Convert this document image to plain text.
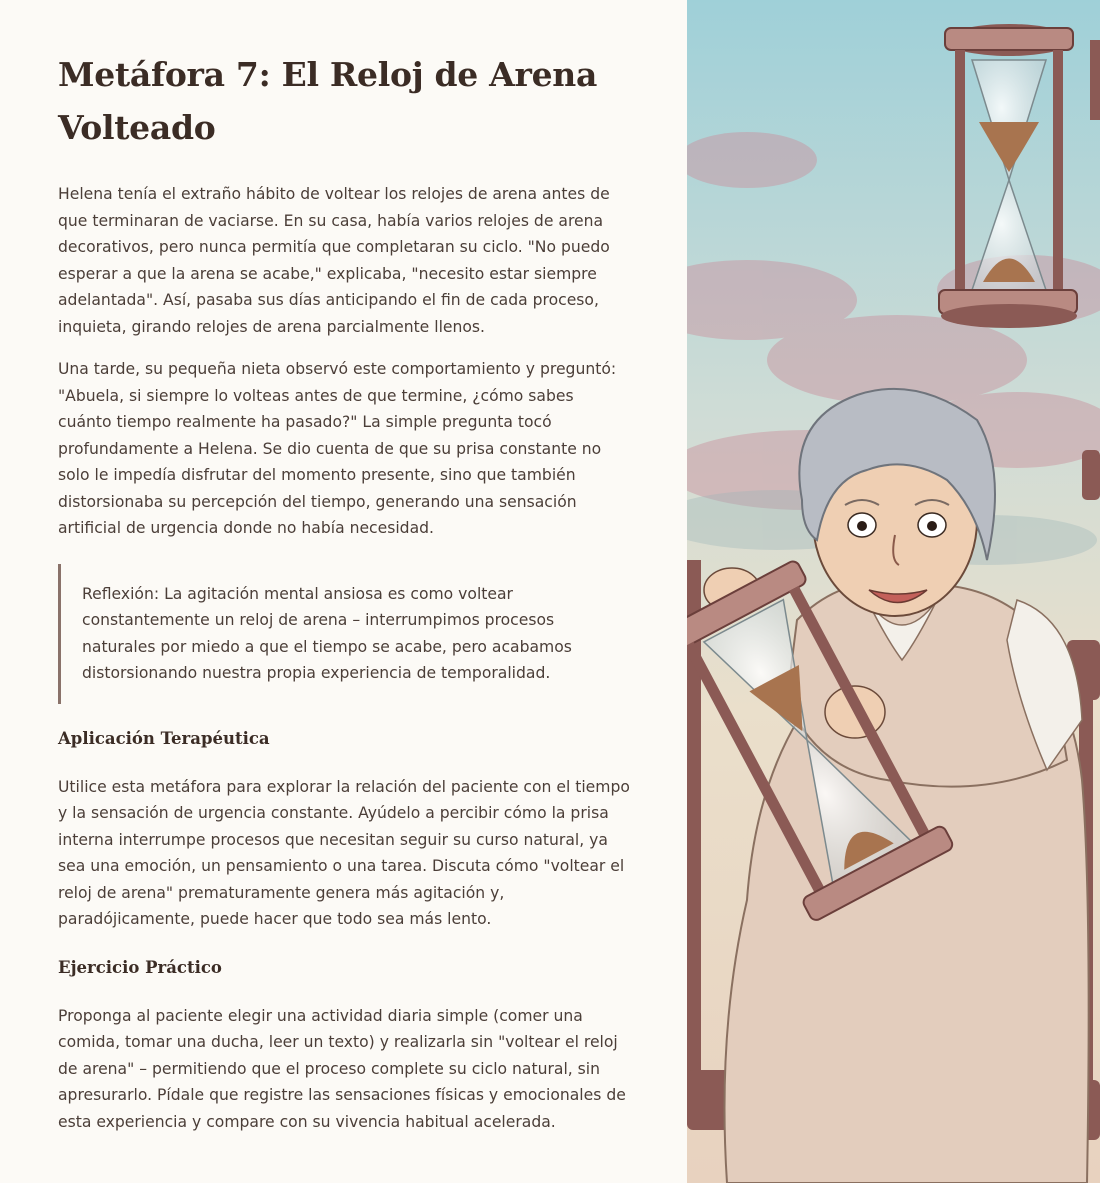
Metáfora 7: El Reloj de Arena Volteado

Helena tenía el extraño hábito de voltear los relojes de arena antes de que terminaran de vaciarse. En su casa, había varios relojes de arena decorativos, pero nunca permitía que completaran su ciclo. "No puedo esperar a que la arena se acabe," explicaba, "necesito estar siempre adelantada". Así, pasaba sus días anticipando el fin de cada proceso, inquieta, girando relojes de arena parcialmente llenos.

Una tarde, su pequeña nieta observó este comportamiento y preguntó: "Abuela, si siempre lo volteas antes de que termine, ¿cómo sabes cuánto tiempo realmente ha pasado?" La simple pregunta tocó profundamente a Helena. Se dio cuenta de que su prisa constante no solo le impedía disfrutar del momento presente, sino que también distorsionaba su percepción del tiempo, generando una sensación artificial de urgencia donde no había necesidad.

Reflexión: La agitación mental ansiosa es como voltear constantemente un reloj de arena – interrumpimos procesos naturales por miedo a que el tiempo se acabe, pero acabamos distorsionando nuestra propia experiencia de temporalidad.

Aplicación Terapéutica

Utilice esta metáfora para explorar la relación del paciente con el tiempo y la sensación de urgencia constante. Ayúdelo a percibir cómo la prisa interna interrumpe procesos que necesitan seguir su curso natural, ya sea una emoción, un pensamiento o una tarea. Discuta cómo "voltear el reloj de arena" prematuramente genera más agitación y, paradójicamente, puede hacer que todo sea más lento.

Ejercicio Práctico

Proponga al paciente elegir una actividad diaria simple (comer una comida, tomar una ducha, leer un texto) y realizarla sin "voltear el reloj de arena" – permitiendo que el proceso complete su ciclo natural, sin apresurarlo. Pídale que registre las sensaciones físicas y emocionales de esta experiencia y compare con su vivencia habitual acelerada.
